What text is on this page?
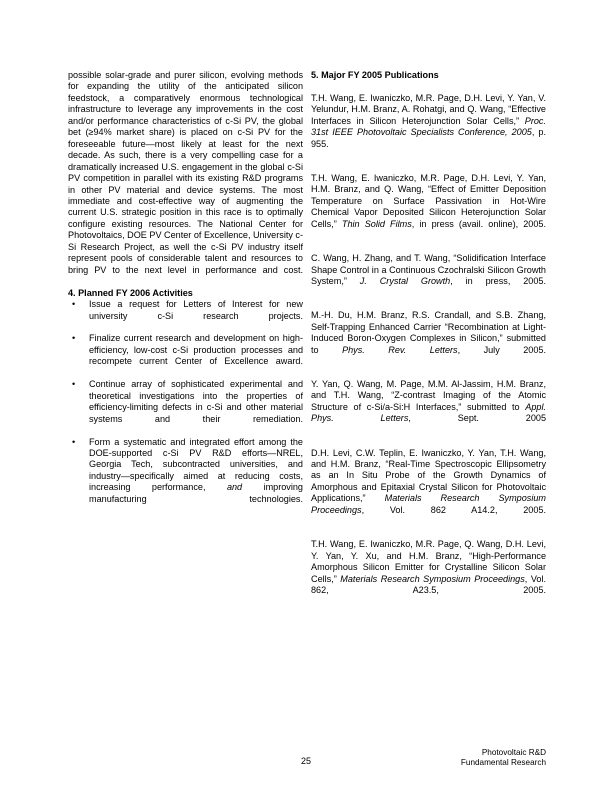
possible solar-grade and purer silicon, evolving methods for expanding the utility of the anticipated silicon feedstock, a comparatively enormous technological infrastructure to leverage any improvements in the cost and/or performance characteristics of c-Si PV, the global bet (≥94% market share) is placed on c-Si PV for the foreseeable future—most likely at least for the next decade. As such, there is a very compelling case for a dramatically increased U.S. engagement in the global c-Si PV competition in parallel with its existing R&D programs in other PV material and device systems. The most immediate and cost-effective way of augmenting the current U.S. strategic position in this race is to optimally configure existing resources. The National Center for Photovoltaics, DOE PV Center of Excellence, University c-Si Research Project, as well the c-Si PV industry itself represent pools of considerable talent and resources to bring PV to the next level in performance and cost.

4. Planned FY 2006 Activities
• Issue a request for Letters of Interest for new university c-Si research projects.
• Finalize current research and development on high-efficiency, low-cost c-Si production processes and recompete current Center of Excellence award.
• Continue array of sophisticated experimental and theoretical investigations into the properties of efficiency-limiting defects in c-Si and other material systems and their remediation.
• Form a systematic and integrated effort among the DOE-supported c-Si PV R&D efforts—NREL, Georgia Tech, subcontracted universities, and industry—specifically aimed at reducing costs, increasing performance, and improving manufacturing technologies.
5. Major FY 2005 Publications

T.H. Wang, E. Iwaniczko, M.R. Page, D.H. Levi, Y. Yan, V. Yelundur, H.M. Branz, A. Rohatgi, and Q. Wang, “Effective Interfaces in Silicon Heterojunction Solar Cells,” Proc. 31st IEEE Photovoltaic Specialists Conference, 2005, p. 955.

T.H. Wang, E. Iwaniczko, M.R. Page, D.H. Levi, Y. Yan, H.M. Branz, and Q. Wang, “Effect of Emitter Deposition Temperature on Surface Passivation in Hot-Wire Chemical Vapor Deposited Silicon Heterojunction Solar Cells,” Thin Solid Films, in press (avail. online), 2005.

C. Wang, H. Zhang, and T. Wang, “Solidification Interface Shape Control in a Continuous Czochralski Silicon Growth System,” J. Crystal Growth, in press, 2005.

M.-H. Du, H.M. Branz, R.S. Crandall, and S.B. Zhang, Self-Trapping Enhanced Carrier “Recombination at Light-Induced Boron-Oxygen Complexes in Silicon,” submitted to Phys. Rev. Letters, July 2005.

Y. Yan, Q. Wang, M. Page, M.M. Al-Jassim, H.M. Branz, and T.H. Wang, “Z-contrast Imaging of the Atomic Structure of c-Si/a-Si:H Interfaces,” submitted to Appl. Phys. Letters, Sept. 2005

D.H. Levi, C.W. Teplin, E. Iwaniczko, Y. Yan, T.H. Wang, and H.M. Branz, “Real-Time Spectroscopic Ellipsometry as an In Situ Probe of the Growth Dynamics of Amorphous and Epitaxial Crystal Silicon for Photovoltaic Applications,” Materials Research Symposium Proceedings, Vol. 862 A14.2, 2005.

T.H. Wang, E. Iwaniczko, M.R. Page, Q. Wang, D.H. Levi, Y. Yan, Y. Xu, and H.M. Branz, “High-Performance Amorphous Silicon Emitter for Crystalline Silicon Solar Cells,” Materials Research Symposium Proceedings, Vol. 862, A23.5, 2005.

25
Photovoltaic R&D
Fundamental Research
